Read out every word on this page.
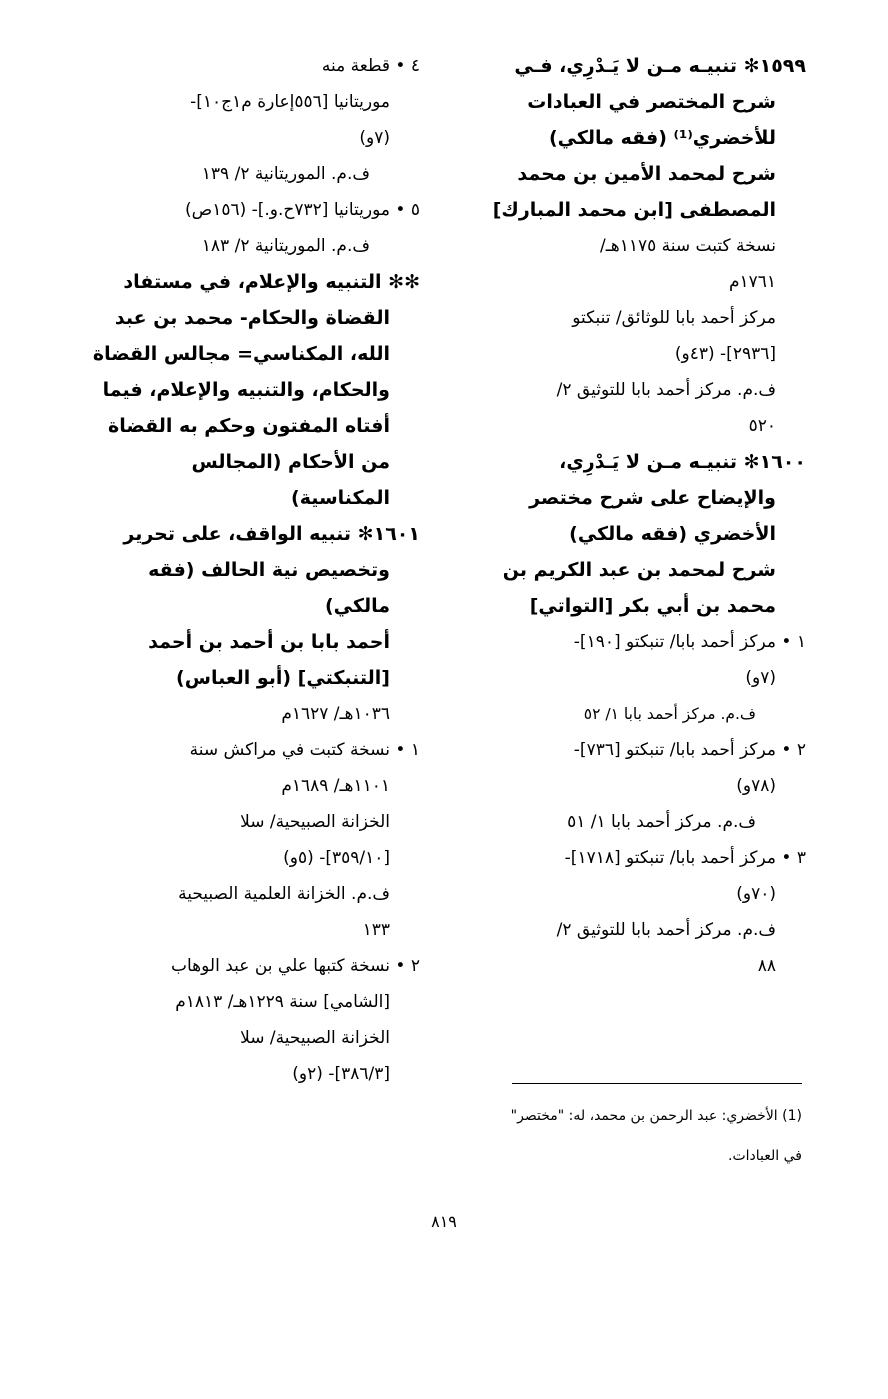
١٥٩٩✻ تنبيـه مـن لا يَـدْرِي، فـي
شرح المختصر في العبادات
للأخضري⁽¹⁾ (فقه مالكي)
شرح لمحمد الأمين بن محمد
المصطفى [ابن محمد المبارك]
نسخة كتبت سنة ١١٧٥هـ/
١٧٦١م
مركز أحمد بابا للوثائق/ تنبكتو
[٢٩٣٦]- (٤٣و)
ف.م. مركز أحمد بابا للتوثيق ٢/
٥٢٠
١٦٠٠✻ تنبيـه مـن لا يَـدْرِي،
والإيضاح على شرح مختصر
الأخضري (فقه مالكي)
شرح لمحمد بن عبد الكريم بن
محمد بن أبي بكر [التواتي]
١ • مركز أحمد بابا/ تنبكتو [١٩٠]-
(٧و)
ف.م. مركز أحمد بابا ١/ ٥٢
٢ • مركز أحمد بابا/ تنبكتو [٧٣٦]-
(٧٨و)
ف.م. مركز أحمد بابا ١/ ٥١
٣ • مركز أحمد بابا/ تنبكتو [١٧١٨]-
(٧٠و)
ف.م. مركز أحمد بابا للتوثيق ٢/
٨٨
٤ • قطعة منه
موريتانيا [٥٥٦إعارة م١ج١٠]-
(٧و)
ف.م. الموريتانية ٢/ ١٣٩
٥ • موريتانيا [٧٣٢ح.و.]- (١٥٦ص)
ف.م. الموريتانية ٢/ ١٨٣
✻✻ التنبيه والإعلام، في مستفاد
القضاة والحكام- محمد بن عبد
الله، المكناسي= مجالس القضاة
والحكام، والتنبيه والإعلام، فيما
أفتاه المفتون وحكم به القضاة
من الأحكام (المجالس
المكناسية)
١٦٠١✻ تنبيه الواقف، على تحرير
وتخصيص نية الحالف (فقه
مالكي)
أحمد بابا بن أحمد بن أحمد
[التنبكتي] (أبو العباس)
١٠٣٦هـ/ ١٦٢٧م
١ • نسخة كتبت في مراكش سنة
١١٠١هـ/ ١٦٨٩م
الخزانة الصبيحية/ سلا
[٣٥٩/١٠]- (٥و)
ف.م. الخزانة العلمية الصبيحية
١٣٣
٢ • نسخة كتبها علي بن عبد الوهاب
[الشامي] سنة ١٢٢٩هـ/ ١٨١٣م
الخزانة الصبيحية/ سلا
[٣٨٦/٣]- (٢و)
(1) الأخضري: عبد الرحمن بن محمد، له: "مختصر"
في العبادات.
٨١٩
